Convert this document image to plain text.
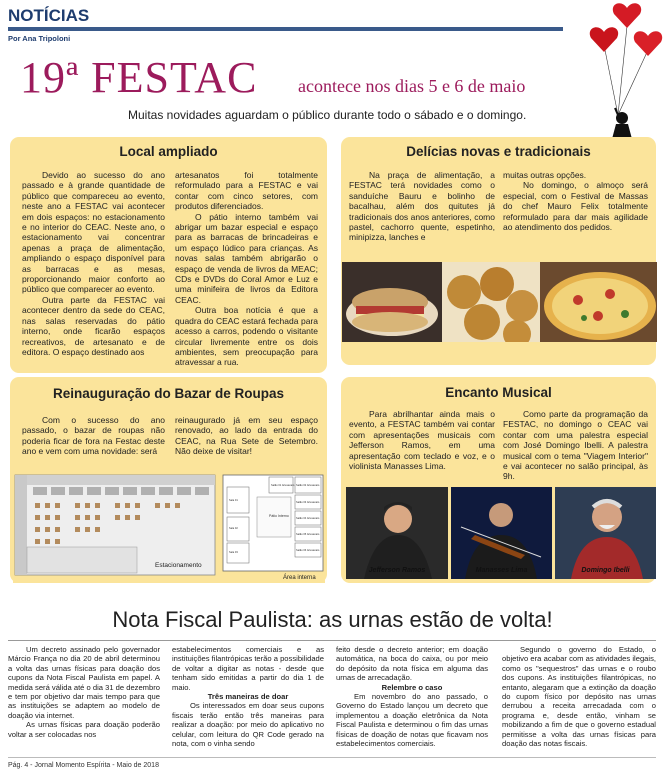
NOTÍCIAS
Por Ana Tripoloni
19ª FESTAC acontece nos dias 5 e 6 de maio
Muitas novidades aguardam o público durante todo o sábado e o domingo.
Local ampliado

Devido ao sucesso do ano passado e à grande quantidade de público que compareceu ao evento, neste ano a FESTAC vai acontecer em dois espaços: no estacionamento e no interior do CEAC. Neste ano, o estacionamento vai concentrar apenas a praça de alimentação, ampliando o espaço disponível para as barracas e as mesas, proporcionando maior conforto ao público que comparecer ao evento.

Outra parte da FESTAC vai acontecer dentro da sede do CEAC, nas salas reservadas do pátio interno, onde ficarão espaços recreativos, de artesanato e de editora. O espaço destinado aos

artesanatos foi totalmente reformulado para a FESTAC e vai contar com cinco setores, com produtos diferenciados.

O pátio interno também vai abrigar um bazar especial e espaço para as barracas de brincadeiras e um espaço lúdico para crianças. As novas salas também abrigarão o espaço de venda de livros da MEAC; CDs e DVDs do Coral Amor e Luz e uma minifeira de livros da Editora CEAC.

Outra boa notícia é que a quadra do CEAC estará fechada para acesso a carros, podendo o visitante circular livremente entre os dois ambientes, sem preocupação para atravessar a rua.

Delícias novas e tradicionais

Na praça de alimentação, a FESTAC terá novidades como o sanduíche Bauru e bolinho de bacalhau, além dos quitutes já tradicionais dos anos anteriores, como pastel, cachorro quente, espetinho, minipizza, lanches e

muitas outras opções.

No domingo, o almoço será especial, com o Festival de Massas do chef Mauro Felix totalmente reformulado para dar mais agilidade ao atendimento dos pedidos.

Reinauguração do Bazar de Roupas

Com o sucesso do ano passado, o bazar de roupas não poderia ficar de fora na Festac deste ano e vem com uma novidade: será

reinaugurado já em seu espaço renovado, ao lado da entrada do CEAC, na Rua Sete de Setembro. Não deixe de visitar!

Estacionamento
Pátio Interno
Salão 01 Artesanato Salão 02 Artesanato
Salão 03 Artesanato
Salão 04 Artesanato
Salão 05 Artesanato
Salão 06 Artesanato
Sala 01
Sala 02
Sala 03
Área interna
Encanto Musical

Para abrilhantar ainda mais o evento, a FESTAC também vai contar com apresentações musicais com Jefferson Ramos, em uma apresentação com teclado e voz, e o violinista Manasses Lima.

Como parte da programação da FESTAC, no domingo o CEAC vai contar com uma palestra especial com José Domingo Ibelli. A palestra musical com o tema "Viagem Interior" e vai acontecer no salão principal, às 9h.

Jefferson Ramos	Manasses Lima	Domingo Ibelli
Nota Fiscal Paulista: as urnas estão de volta!

Um decreto assinado pelo governador Márcio França no dia 20 de abril determinou a volta das urnas físicas para doação dos cupons da Nota Fiscal Paulista em papel. A medida será válida até o dia 31 de dezembro e tem por objetivo dar mais tempo para que as instituições se adaptem ao modelo de doação via internet.

As urnas físicas para doação poderão voltar a ser colocadas nos

estabelecimentos comerciais e as instituições filantrópicas terão a possibilidade de voltar a digitar as notas - desde que tenham sido emitidas a partir do dia 1 de maio.

Três maneiras de doar

Os interessados em doar seus cupons fiscais terão então três maneiras para realizar a doação: por meio do aplicativo no celular, com leitura do QR Code gerado na nota, com o vinha sendo

feito desde o decreto anterior; em doação automática, na boca do caixa, ou por meio do depósito da nota física em alguma das urnas de arrecadação.

Relembre o caso

Em novembro do ano passado, o Governo do Estado lançou um decreto que implementou a doação eletrônica da Nota Fiscal Paulista e determinou o fim das urnas físicas de doação de notas que ficavam nos estabelecimentos comerciais.

Segundo o governo do Estado, o objetivo era acabar com as atividades ilegais, como os "sequestros" das urnas e o roubo dos cupons. As instituições filantrópicas, no entanto, alegaram que a extinção da doação do cupom físico por depósito nas urnas derrubou a receita arrecadada com o programa e, desde então, vinham se mobilizando a fim de que o governo estadual permitisse a volta das urnas físicas para doação das notas fiscais.

Pág. 4 - Jornal Momento Espírita - Maio de 2018
